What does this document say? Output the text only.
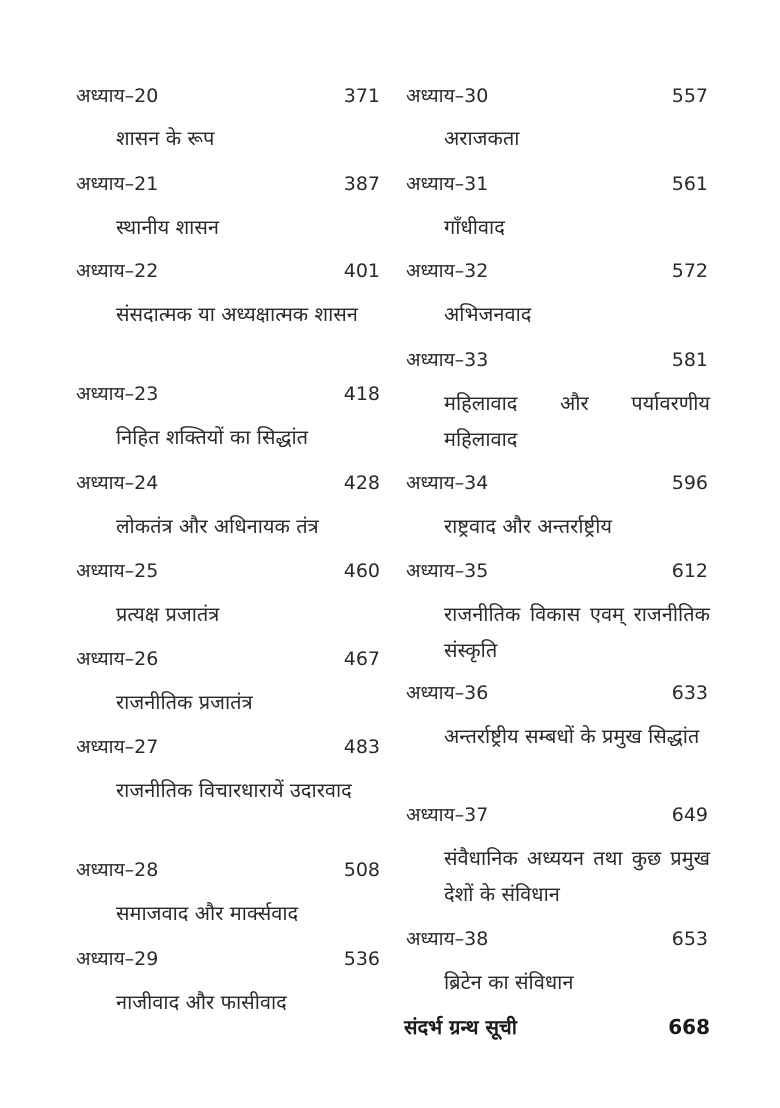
अध्याय–20	371
शासन के रूप
अध्याय–21	387
स्थानीय शासन
अध्याय–22	401
संसदात्मक या अध्यक्षात्मक शासन
अध्याय–23	418
निहित शक्तियों का सिद्धांत
अध्याय–24	428
लोकतंत्र और अधिनायक तंत्र
अध्याय–25	460
प्रत्यक्ष प्रजातंत्र
अध्याय–26	467
राजनीतिक प्रजातंत्र
अध्याय–27	483
राजनीतिक विचारधारायें उदारवाद
अध्याय–28	508
समाजवाद और मार्क्सवाद
अध्याय–29	536
नाजीवाद और फासीवाद
अध्याय–30	557
अराजकता
अध्याय–31	561
गाँधीवाद
अध्याय–32	572
अभिजनवाद
अध्याय–33	581
महिलावाद और पर्यावरणीय महिलावाद
अध्याय–34	596
राष्ट्रवाद और अन्तर्राष्ट्रीय
अध्याय–35	612
राजनीतिक विकास एवम् राजनीतिक संस्कृति
अध्याय–36	633
अन्तर्राष्ट्रीय सम्बधों के प्रमुख सिद्धांत
अध्याय–37	649
संवैधानिक अध्ययन तथा कुछ प्रमुख देशों के संविधान
अध्याय–38	653
ब्रिटेन का संविधान
संदर्भ ग्रन्थ सूची	668
